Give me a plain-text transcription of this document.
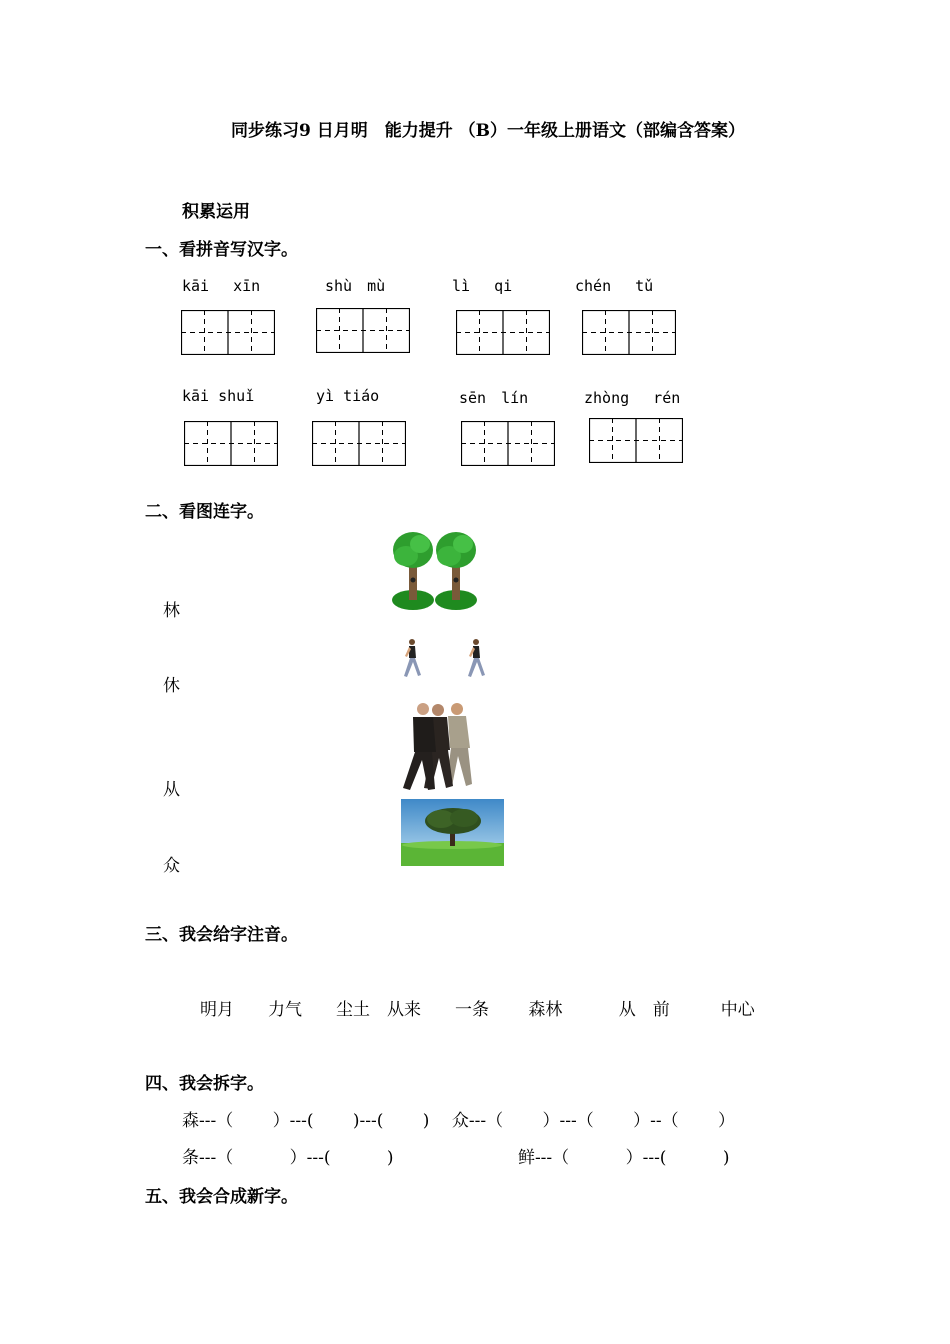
同步练习9 日月明　能力提升 （B）一年级上册语文（部编含答案）
积累运用
一、看拼音写汉字。
kāi　 xīn	shù　mù	lì　 qi	chén　 tǔ
kāi shuǐ	yì tiáo	sēn　lín	zhòng　 rén
二、看图连字。
林
休
从
众
三、我会给字注音。
明月　　力气　　尘土　从来　　一条　　 森林　　　 从　前　　　中心
四、我会拆字。
森---（　　 ）---(　　 )---(　　 )　 众---（　　 ）---（　　 ）--（　　 ）
条---（　　　 ）---(　　　 )　　　　　　　 鲜---（　　　 ）---(　　　 )
五、我会合成新字。
